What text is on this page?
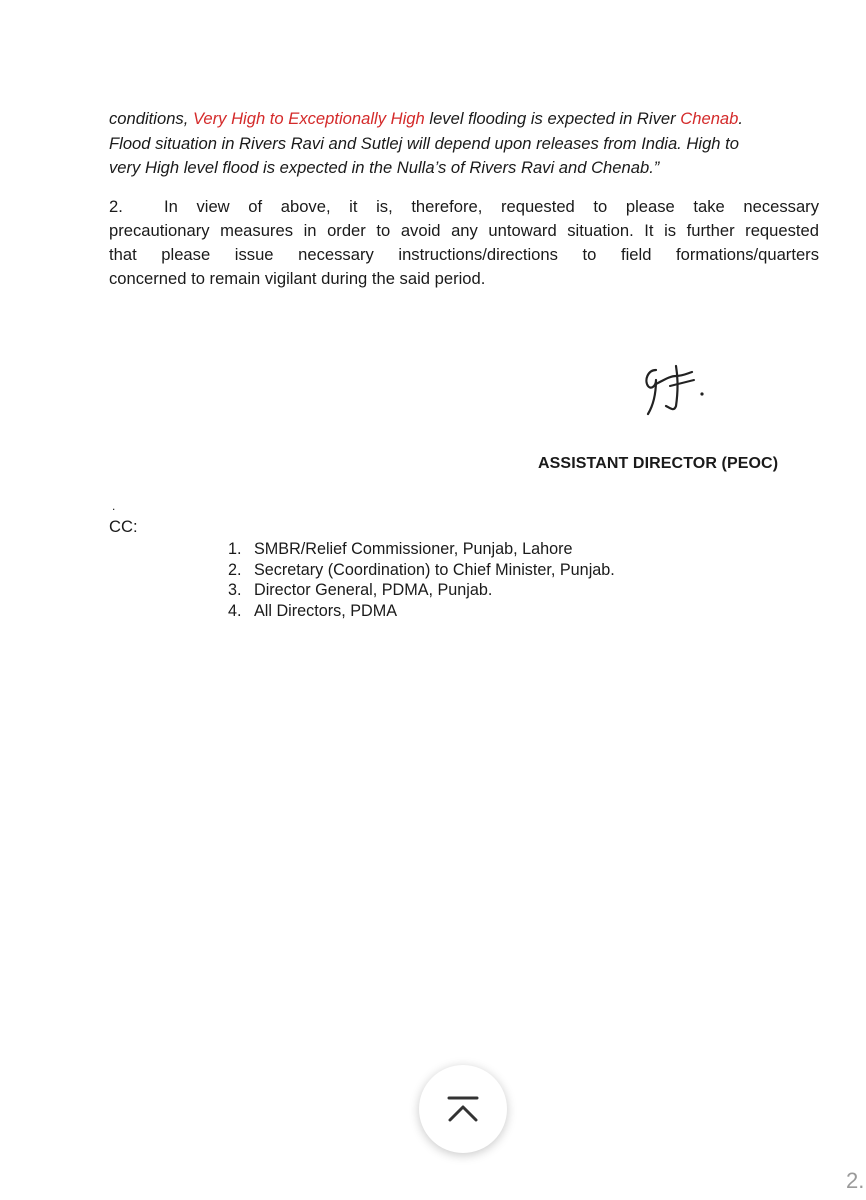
conditions, Very High to Exceptionally High level flooding is expected in River Chenab.
Flood situation in Rivers Ravi and Sutlej will depend upon releases from India. High to
very High level flood is expected in the Nulla’s of Rivers Ravi and Chenab.”
2. In view of above, it is, therefore, requested to please take necessary
precautionary measures in order to avoid any untoward situation. It is further requested
that please issue necessary instructions/directions to field formations/quarters
concerned to remain vigilant during the said period.
ASSISTANT DIRECTOR (PEOC)
.
CC:
1. SMBR/Relief Commissioner, Punjab, Lahore
2. Secretary (Coordination) to Chief Minister, Punjab.
3. Director General, PDMA, Punjab.
4. All Directors, PDMA
2.
